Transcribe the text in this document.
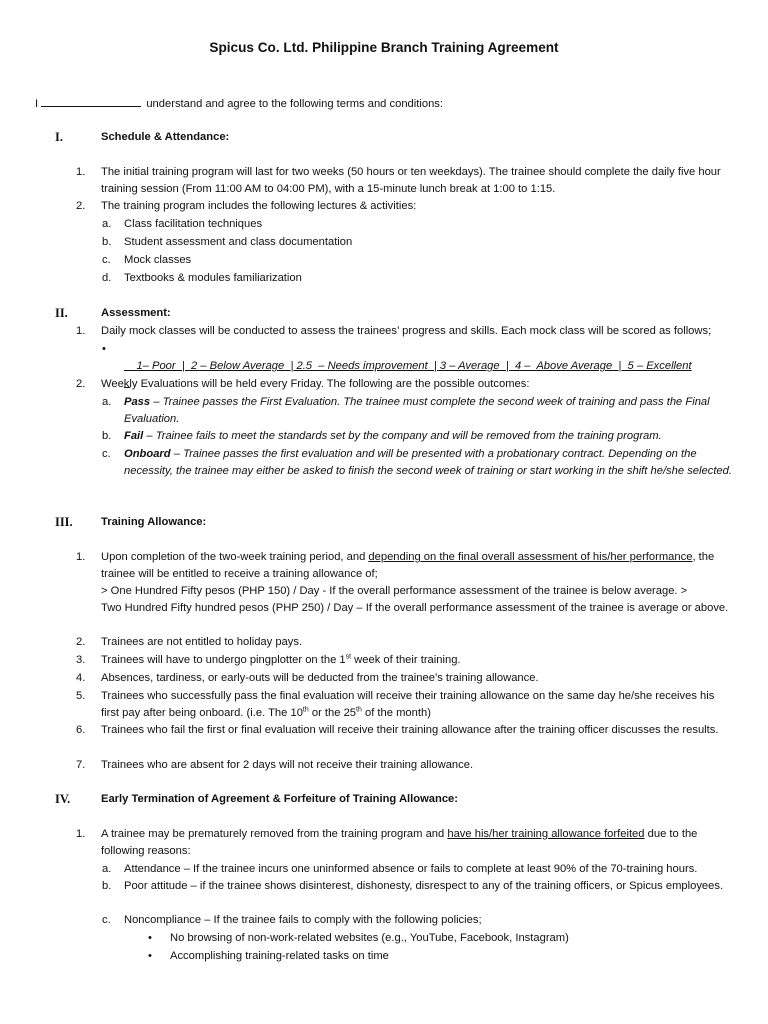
Spicus Co. Ltd. Philippine Branch Training Agreement
I	understand and agree to the following terms and conditions:
I.	Schedule & Attendance:
1. The initial training program will last for two weeks (50 hours or ten weekdays). The trainee should complete the daily five hour training session (From 11:00 AM to 04:00 PM), with a 15-minute lunch break at 1:00 to 1:15.
2. The training program includes the following lectures & activities:
a. Class facilitation techniques
b. Student assessment and class documentation
c. Mock classes
d. Textbooks & modules familiarization
II.	Assessment:
1. Daily mock classes will be conducted to assess the trainees’ progress and skills. Each mock class will be scored as follows;

•
1– Poor  |  2 – Below Average  | 2.5  – Needs improvement  | 3 – Average  |  4 –  Above Average  |  5 – Excellent

2. Weekly Evaluations will be held every Friday. The following are the possible outcomes:
a. Pass – Trainee passes the First Evaluation. The trainee must complete the second week of training and pass the Final Evaluation.
b. Fail – Trainee fails to meet the standards set by the company and will be removed from the training program.
c. Onboard – Trainee passes the first evaluation and will be presented with a probationary contract. Depending on the necessity, the trainee may either be asked to finish the second week of training or start working in the shift he/she selected.
III.	Training Allowance:
1. Upon completion of the two-week training period, and depending on the final overall assessment of his/her performance, the trainee will be entitled to receive a training allowance of;
> One Hundred Fifty pesos (PHP 150) / Day - If the overall performance assessment of the trainee is below average. >
Two Hundred Fifty hundred pesos (PHP 250) / Day – If the overall performance assessment of the trainee is average or above.
2. Trainees are not entitled to holiday pays.
3. Trainees will have to undergo pingplotter on the 1st week of their training.
4. Absences, tardiness, or early-outs will be deducted from the trainee’s training allowance.
5. Trainees who successfully pass the final evaluation will receive their training allowance on the same day he/she receives his first pay after being onboard. (i.e. The 10th or the 25th of the month)
6. Trainees who fail the first or final evaluation will receive their training allowance after the training officer discusses the results.
7. Trainees who are absent for 2 days will not receive their training allowance.
IV.	Early Termination of Agreement & Forfeiture of Training Allowance:
1. A trainee may be prematurely removed from the training program and have his/her training allowance forfeited due to the following reasons:
a. Attendance – If the trainee incurs one uninformed absence or fails to complete at least 90% of the 70-training hours.
b. Poor attitude – if the trainee shows disinterest, dishonesty, disrespect to any of the training officers, or Spicus employees.
c. Noncompliance – If the trainee fails to comply with the following policies;
• No browsing of non-work-related websites (e.g., YouTube, Facebook, Instagram)
• Accomplishing training-related tasks on time
